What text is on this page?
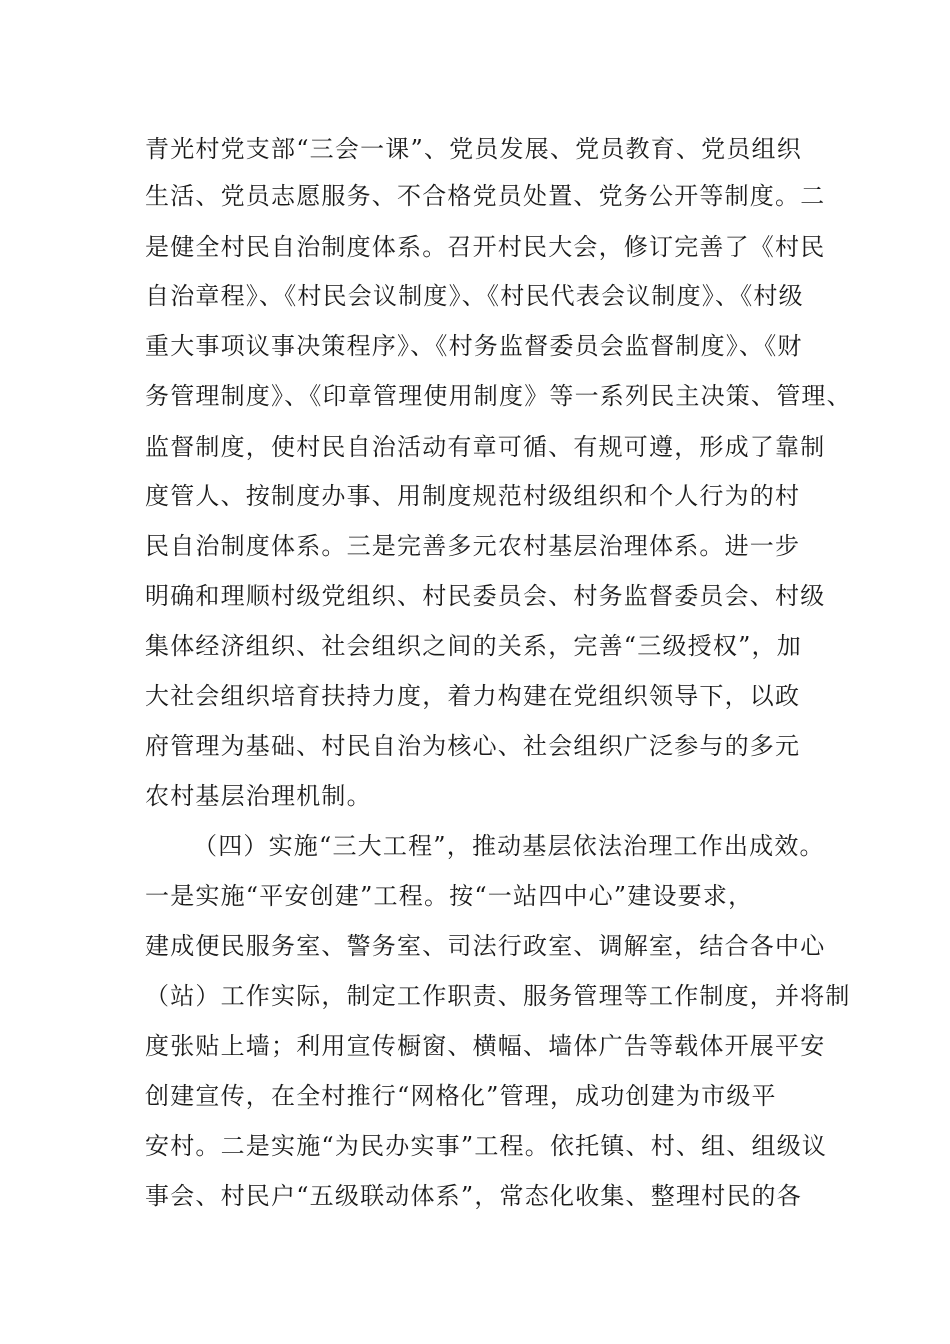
青光村党支部“三会一课”、党员发展、党员教育、党员组织
生活、党员志愿服务、不合格党员处置、党务公开等制度。二
是健全村民自治制度体系。召开村民大会，修订完善了《村民
自治章程》、《村民会议制度》、《村民代表会议制度》、《村级
重大事项议事决策程序》、《村务监督委员会监督制度》、《财
务管理制度》、《印章管理使用制度》等一系列民主决策、管理、
监督制度，使村民自治活动有章可循、有规可遵，形成了靠制
度管人、按制度办事、用制度规范村级组织和个人行为的村
民自治制度体系。三是完善多元农村基层治理体系。进一步
明确和理顺村级党组织、村民委员会、村务监督委员会、村级
集体经济组织、社会组织之间的关系，完善“三级授权”，加
大社会组织培育扶持力度，着力构建在党组织领导下，以政
府管理为基础、村民自治为核心、社会组织广泛参与的多元
农村基层治理机制。
（四）实施“三大工程”，推动基层依法治理工作出成效。
一是实施“平安创建”工程。按“一站四中心”建设要求，
建成便民服务室、警务室、司法行政室、调解室，结合各中心
（站）工作实际，制定工作职责、服务管理等工作制度，并将制
度张贴上墙；利用宣传橱窗、横幅、墙体广告等载体开展平安
创建宣传，在全村推行“网格化”管理，成功创建为市级平
安村。二是实施“为民办实事”工程。依托镇、村、组、组级议
事会、村民户“五级联动体系”，常态化收集、整理村民的各
